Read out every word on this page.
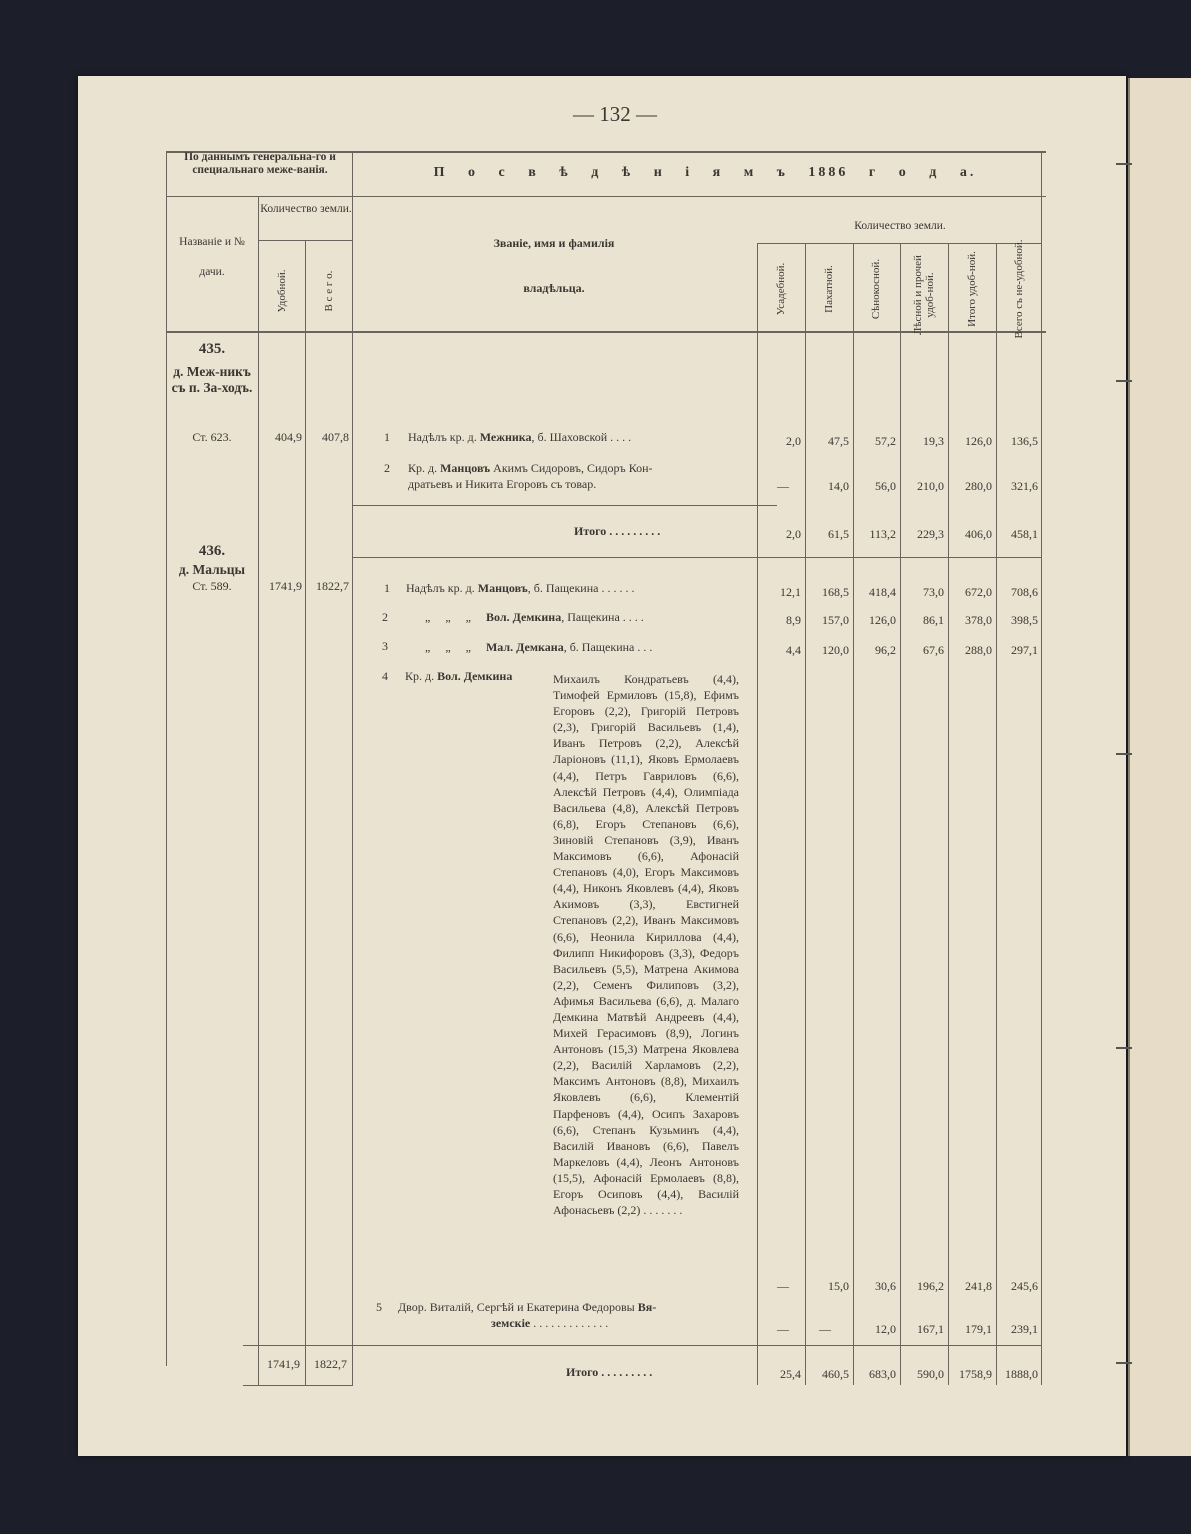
— 132 —
По даннымъ генеральна-го и специальнаго меже-ванія.	П о с в ѣ д ѣ н і я м ъ 1886 г о д а.
Названіе и № дачи.
Количество земли.
Удобной.	В с е г о.
Званіе, имя и фамилія
владѣльца.
Количество земли.
Усадебной.	Пахатной.	Сѣнокосной.	Лѣсной и прочей удоб-ной.	Итого удоб-ной.	Всего съ не-удобной.
435.
д. Меж-никъ съ п. За-ходъ.
Ст. 623.	404,9	407,8	1 Надѣлъ кр. д. Межника, б. Шаховской . . . .	2,0	47,5	57,2	19,3	126,0	136,5
2 Кр. д. Манцовъ Акимъ Сидоровъ, Сидоръ Кон-
дратьевъ и Никита Егоровъ съ товар.	—	14,0	56,0	210,0	280,0	321,6
Итого . . . . . . . . .	2,0	61,5	113,2	229,3	406,0	458,1
436.
д. Мальцы
Ст. 589.	1741,9	1822,7	1 Надѣлъ кр. д. Манцовъ, б. Пащекина . . . . . .	12,1	168,5	418,4	73,0	672,0	708,6
2	„ „ „ Вол. Демкина, Пащекина . . . .	8,9	157,0	126,0	86,1	378,0	398,5
3	„ „ „ Мал. Демкана, б. Пащекина . . .	4,4	120,0	96,2	67,6	288,0	297,1
4 Кр. д. Вол. Демкина	Михаилъ Кондратьевъ (4,4), Тимофей Ермиловъ (15,8), Ефимъ Егоровъ (2,2), Григорій Петровъ (2,3), Григорій Васильевъ (1,4), Иванъ Петровъ (2,2), Алексѣй Ларіоновъ (11,1), Яковъ Ермолаевъ (4,4), Петръ Гавриловъ (6,6), Алексѣй Петровъ (4,4), Олимпіада Васильева (4,8), Алексѣй Петровъ (6,8), Егоръ Степановъ (6,6), Зиновій Степановъ (3,9), Иванъ Максимовъ (6,6), Афонасій Степановъ (4,0), Егоръ Максимовъ (4,4), Никонъ Яковлевъ (4,4), Яковъ Акимовъ (3,3), Евстигней Степановъ (2,2), Иванъ Максимовъ (6,6), Неонила Кириллова (4,4), Филипп Никифоровъ (3,3), Федоръ Васильевъ (5,5), Матрена Акимова (2,2), Семенъ Филиповъ (3,2), Афимья Васильева (6,6), д. Малаго Демкина Матвѣй Андреевъ (4,4), Михей Герасимовъ (8,9), Логинъ Антоновъ (15,3) Матрена Яковлева (2,2), Василій Харламовъ (2,2), Максимъ Антоновъ (8,8), Михаилъ Яковлевъ (6,6), Клементій Парфеновъ (4,4), Осипъ Захаровъ (6,6), Степанъ Кузьминъ (4,4), Василій Ивановъ (6,6), Павелъ Маркеловъ (4,4), Леонъ Антоновъ (15,5), Афонасій Ермолаевъ (8,8), Егоръ Осиповъ (4,4), Василій Афонасьевъ (2,2) . . . . . . .
—	15,0	30,6	196,2	241,8	245,6
5 Двор. Виталій, Сергѣй и Екатерина Федоровы Вя-
земскіе . . . . . . . . . . . . .	—	—	12,0	167,1	179,1	239,1
1741,9	1822,7
Итого . . . . . . . . .	25,4	460,5	683,0	590,0	1758,9	1888,0
